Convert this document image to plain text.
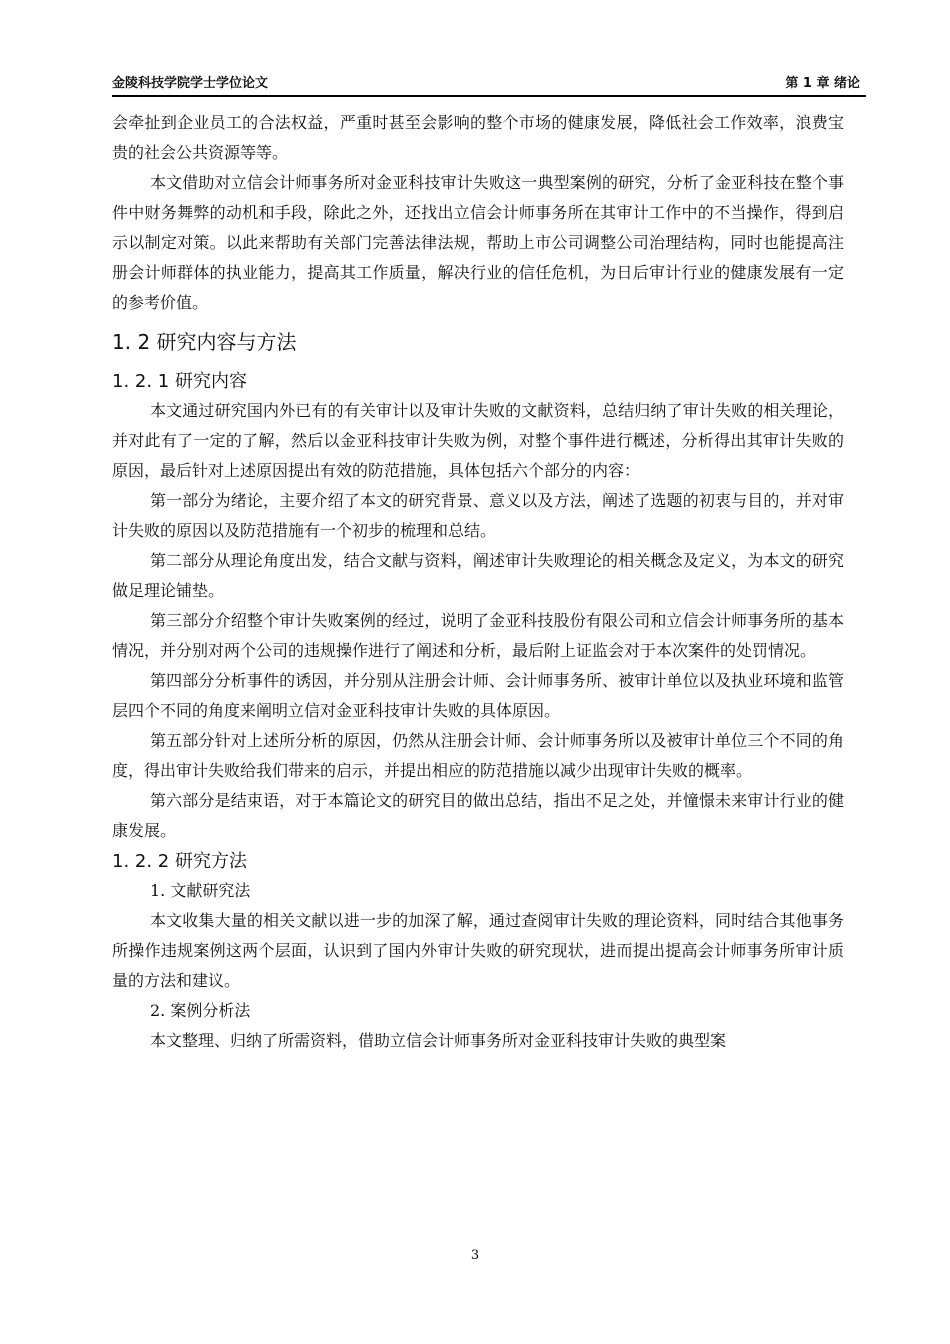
金陵科技学院学士学位论文	第 1 章 绪论

会牵扯到企业员工的合法权益，严重时甚至会影响的整个市场的健康发展，降低社会工作效率，浪费宝贵的社会公共资源等等。

本文借助对立信会计师事务所对金亚科技审计失败这一典型案例的研究，分析了金亚科技在整个事件中财务舞弊的动机和手段，除此之外，还找出立信会计师事务所在其审计工作中的不当操作，得到启示以制定对策。以此来帮助有关部门完善法律法规，帮助上市公司调整公司治理结构，同时也能提高注册会计师群体的执业能力，提高其工作质量，解决行业的信任危机，为日后审计行业的健康发展有一定的参考价值。

1. 2 研究内容与方法
1. 2. 1 研究内容

本文通过研究国内外已有的有关审计以及审计失败的文献资料，总结归纳了审计失败的相关理论，并对此有了一定的了解，然后以金亚科技审计失败为例，对整个事件进行概述，分析得出其审计失败的原因，最后针对上述原因提出有效的防范措施，具体包括六个部分的内容：

第一部分为绪论，主要介绍了本文的研究背景、意义以及方法，阐述了选题的初衷与目的，并对审计失败的原因以及防范措施有一个初步的梳理和总结。

第二部分从理论角度出发，结合文献与资料，阐述审计失败理论的相关概念及定义，为本文的研究做足理论铺垫。

第三部分介绍整个审计失败案例的经过，说明了金亚科技股份有限公司和立信会计师事务所的基本情况，并分别对两个公司的违规操作进行了阐述和分析，最后附上证监会对于本次案件的处罚情况。

第四部分分析事件的诱因，并分别从注册会计师、会计师事务所、被审计单位以及执业环境和监管层四个不同的角度来阐明立信对金亚科技审计失败的具体原因。

第五部分针对上述所分析的原因，仍然从注册会计师、会计师事务所以及被审计单位三个不同的角度，得出审计失败给我们带来的启示，并提出相应的防范措施以减少出现审计失败的概率。

第六部分是结束语，对于本篇论文的研究目的做出总结，指出不足之处，并憧憬未来审计行业的健康发展。

1. 2. 2 研究方法

1. 文献研究法

本文收集大量的相关文献以进一步的加深了解，通过查阅审计失败的理论资料，同时结合其他事务所操作违规案例这两个层面，认识到了国内外审计失败的研究现状，进而提出提高会计师事务所审计质量的方法和建议。

2. 案例分析法

本文整理、归纳了所需资料，借助立信会计师事务所对金亚科技审计失败的典型案

3
